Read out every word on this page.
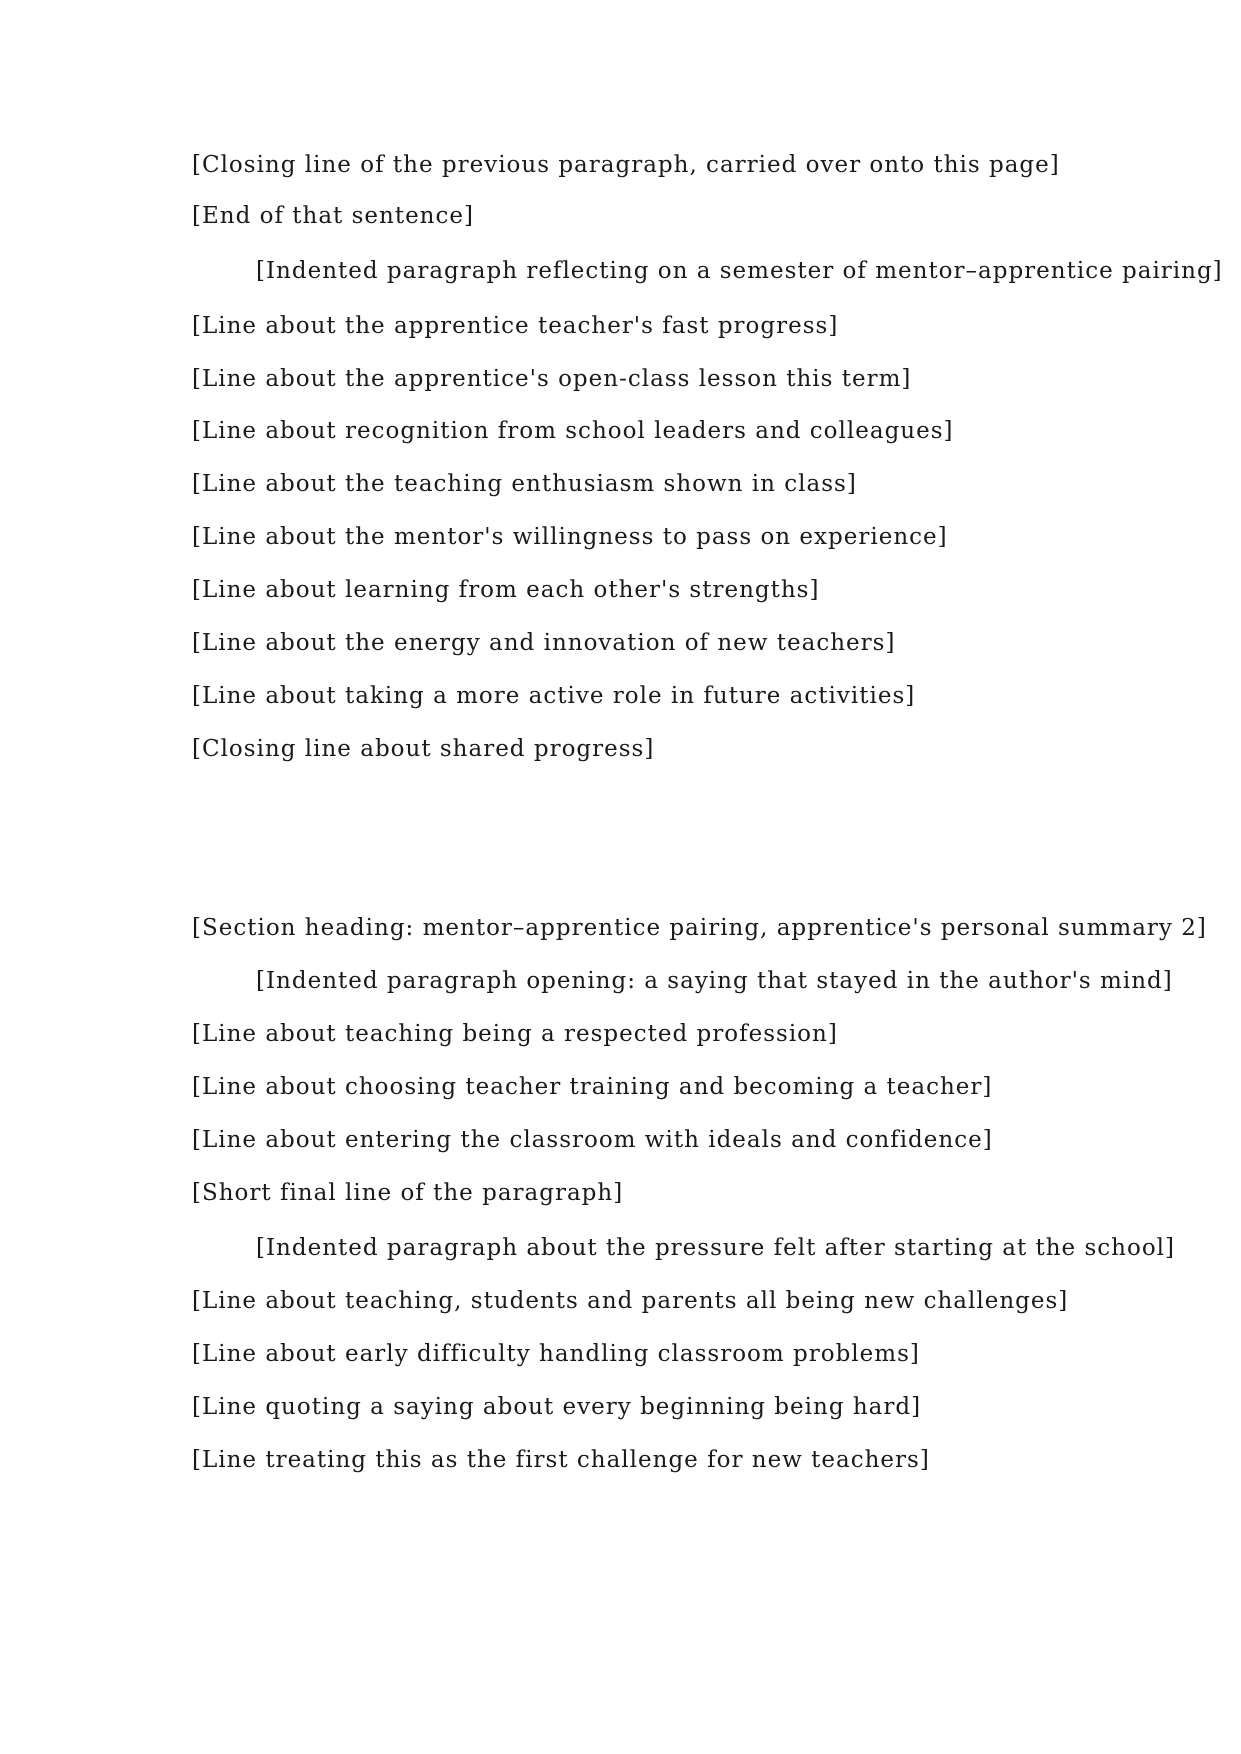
[Closing line of the previous paragraph, carried over onto this page]
[End of that sentence]
[Indented paragraph reflecting on a semester of mentor–apprentice pairing]
[Line about the apprentice teacher's fast progress]
[Line about the apprentice's open-class lesson this term]
[Line about recognition from school leaders and colleagues]
[Line about the teaching enthusiasm shown in class]
[Line about the mentor's willingness to pass on experience]
[Line about learning from each other's strengths]
[Line about the energy and innovation of new teachers]
[Line about taking a more active role in future activities]
[Closing line about shared progress]
[Section heading: mentor–apprentice pairing, apprentice's personal summary 2]
[Indented paragraph opening: a saying that stayed in the author's mind]
[Line about teaching being a respected profession]
[Line about choosing teacher training and becoming a teacher]
[Line about entering the classroom with ideals and confidence]
[Short final line of the paragraph]
[Indented paragraph about the pressure felt after starting at the school]
[Line about teaching, students and parents all being new challenges]
[Line about early difficulty handling classroom problems]
[Line quoting a saying about every beginning being hard]
[Line treating this as the first challenge for new teachers]
